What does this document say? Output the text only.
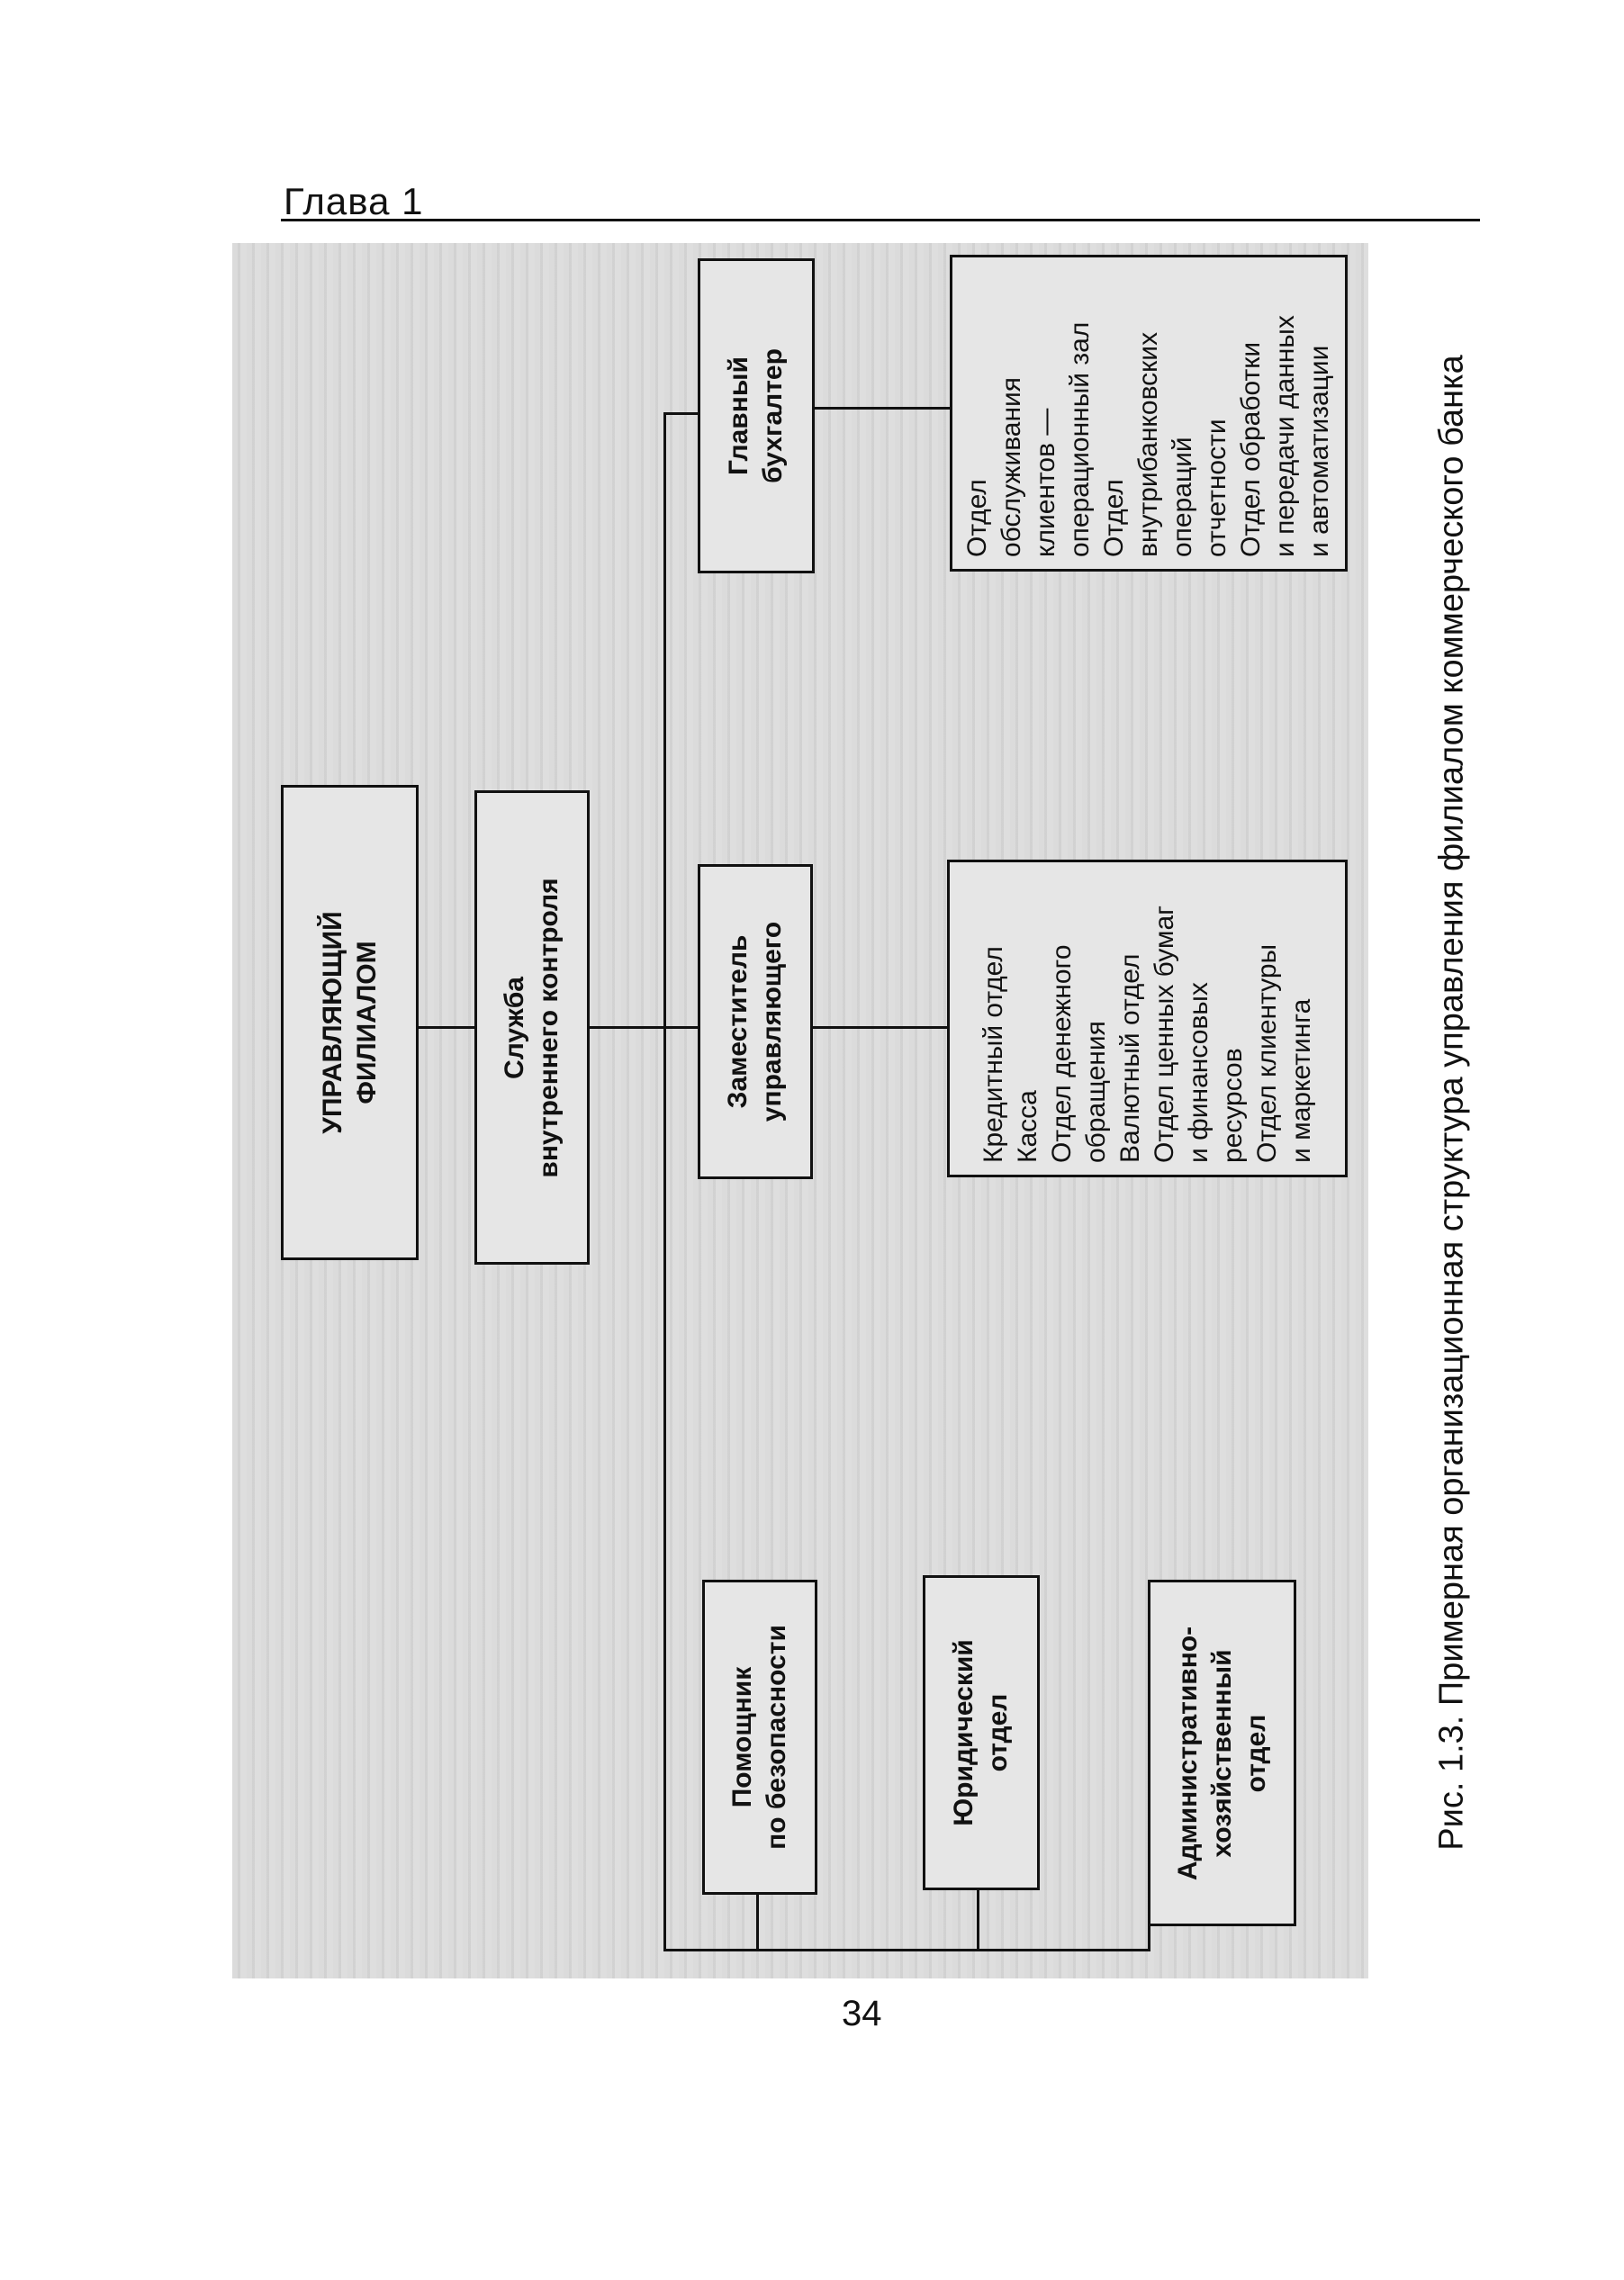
Глава 1
УПРАВЛЯЮЩИЙ ФИЛИАЛОМ	Служба внутреннего контроля
Главный бухгалтер
Заместитель управляющего
Отдел обслуживания клиентов — операционный зал Отдел внутрибанковских операций отчетности Отдел обработки и передачи данных и автоматизации
Кредитный отдел Касса Отдел денежного обращения Валютный отдел Отдел ценных бумаг и финансовых ресурсов Отдел клиентуры и маркетинга
Помощник по безопасности	Юридический отдел	Административно- хозяйственный отдел	Рис. 1.3. Примерная организационная структура управления филиалом коммерческого банка
34
